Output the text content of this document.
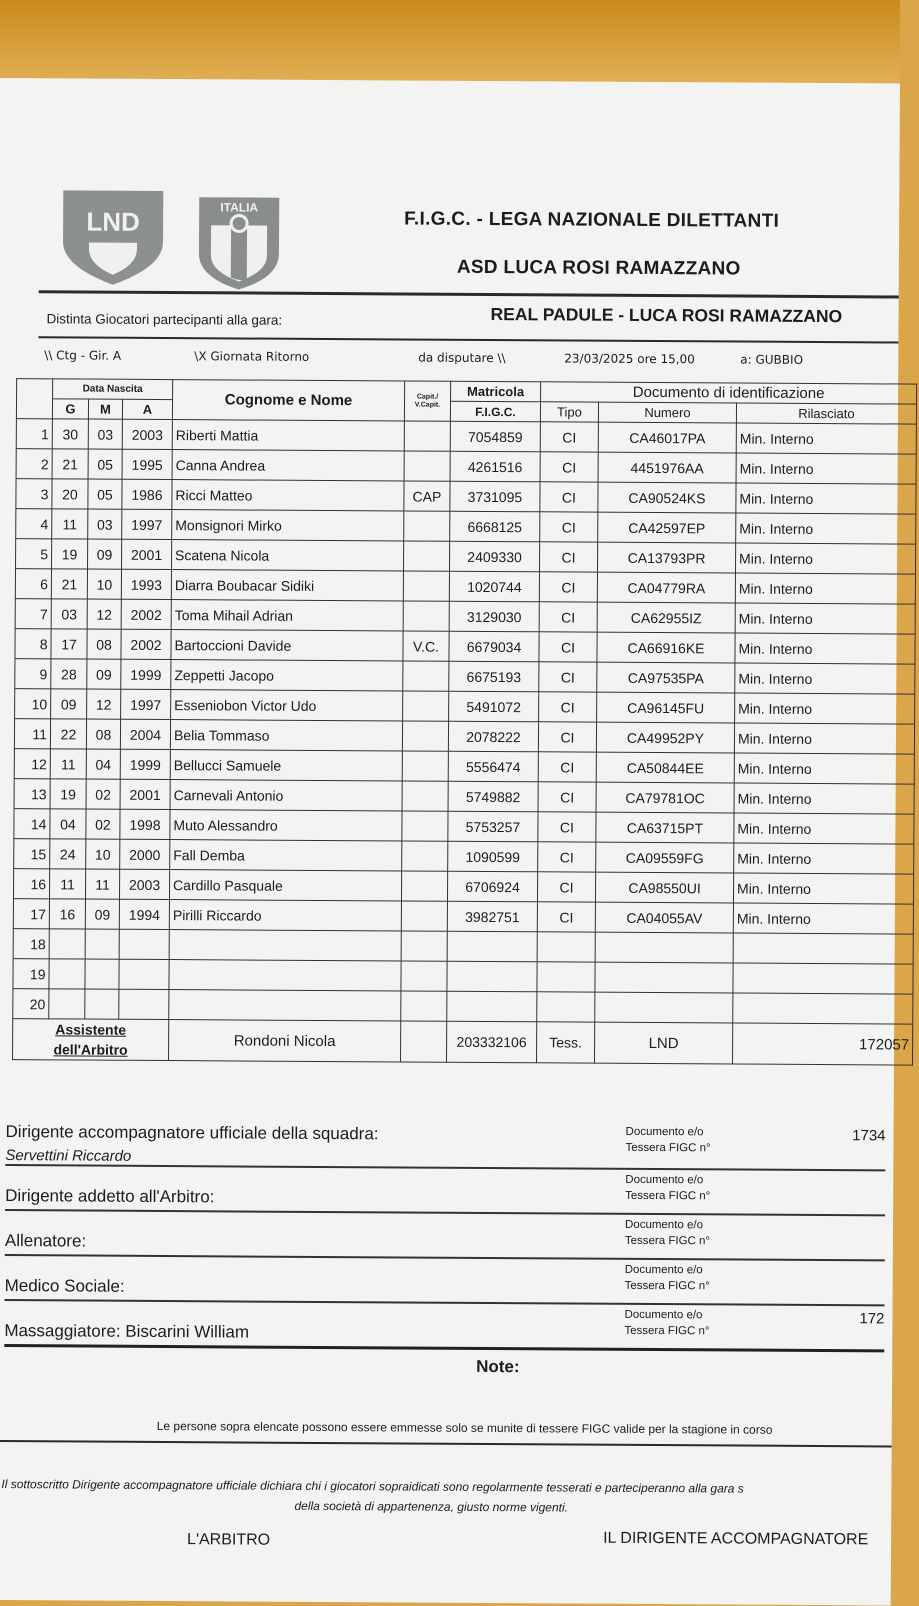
LND	ITALIA
F.I.G.C. - LEGA NAZIONALE DILETTANTI
ASD LUCA ROSI RAMAZZANO
Distinta Giocatori partecipanti alla gara:	REAL PADULE - LUCA ROSI RAMAZZANO
\\ Ctg - Gir. A	\X Giornata Ritorno	da disputare \\	23/03/2025 ore 15,00	a: GUBBIO
	Data Nascita			Cognome e Nome	Capit./ V.Capit.	Matricola	Documento di identificazione		
	G	M	A			F.I.G.C.	Tipo	Numero	Rilasciato
1	30	03	2003	Riberti Mattia		7054859	CI	CA46017PA	Min. Interno
2	21	05	1995	Canna Andrea		4261516	CI	4451976AA	Min. Interno
3	20	05	1986	Ricci Matteo	CAP	3731095	CI	CA90524KS	Min. Interno
4	11	03	1997	Monsignori Mirko		6668125	CI	CA42597EP	Min. Interno
5	19	09	2001	Scatena Nicola		2409330	CI	CA13793PR	Min. Interno
6	21	10	1993	Diarra Boubacar Sidiki		1020744	CI	CA04779RA	Min. Interno
7	03	12	2002	Toma Mihail Adrian		3129030	CI	CA62955IZ	Min. Interno
8	17	08	2002	Bartoccioni Davide	V.C.	6679034	CI	CA66916KE	Min. Interno
9	28	09	1999	Zeppetti Jacopo		6675193	CI	CA97535PA	Min. Interno
10	09	12	1997	Esseniobon Victor Udo		5491072	CI	CA96145FU	Min. Interno
11	22	08	2004	Belia Tommaso		2078222	CI	CA49952PY	Min. Interno
12	11	04	1999	Bellucci Samuele		5556474	CI	CA50844EE	Min. Interno
13	19	02	2001	Carnevali Antonio		5749882	CI	CA79781OC	Min. Interno
14	04	02	1998	Muto Alessandro		5753257	CI	CA63715PT	Min. Interno
15	24	10	2000	Fall Demba		1090599	CI	CA09559FG	Min. Interno
16	11	11	2003	Cardillo Pasquale		6706924	CI	CA98550UI	Min. Interno
17	16	09	1994	Pirilli Riccardo		3982751	CI	CA04055AV	Min. Interno
18									
19									
20									
Assistente
dell'Arbitro				Rondoni Nicola		203332106	Tess.	LND	172057
Dirigente accompagnatore ufficiale della squadra:
Servettini Riccardo
Documento e/o
Tessera FIGC n°
1734
Dirigente addetto all'Arbitro:
Documento e/o
Tessera FIGC n°
Allenatore:
Documento e/o
Tessera FIGC n°
Medico Sociale:
Documento e/o
Tessera FIGC n°
Massaggiatore: Biscarini William
Documento e/o
Tessera FIGC n°
172
Note:
Le persone sopra elencate possono essere emmesse solo se munite di tessere FIGC valide per la stagione in corso
Il sottoscritto Dirigente accompagnatore ufficiale dichiara chi i giocatori sopraidicati sono regolarmente tesserati e parteciperanno alla gara s
della società di appartenenza, giusto norme vigenti.
L'ARBITRO	IL DIRIGENTE ACCOMPAGNATORE
